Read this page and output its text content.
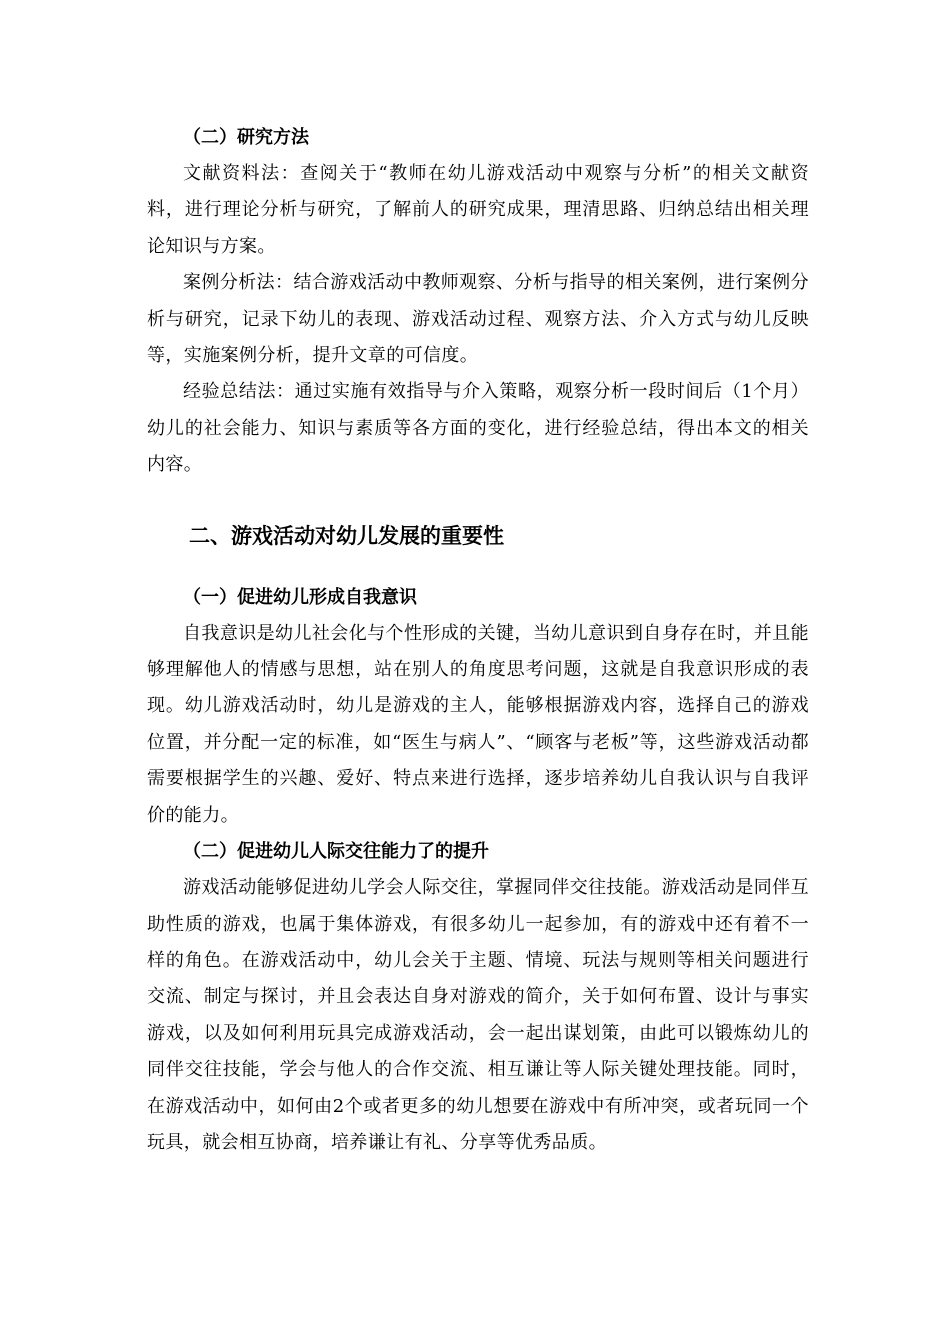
（二）研究方法

文献资料法：查阅关于“教师在幼儿游戏活动中观察与分析”的相关文献资料，进行理论分析与研究，了解前人的研究成果，理清思路、归纳总结出相关理论知识与方案。

案例分析法：结合游戏活动中教师观察、分析与指导的相关案例，进行案例分析与研究，记录下幼儿的表现、游戏活动过程、观察方法、介入方式与幼儿反映等，实施案例分析，提升文章的可信度。

经验总结法：通过实施有效指导与介入策略，观察分析一段时间后（1个月）幼儿的社会能力、知识与素质等各方面的变化，进行经验总结，得出本文的相关内容。

二、游戏活动对幼儿发展的重要性
（一）促进幼儿形成自我意识

自我意识是幼儿社会化与个性形成的关键，当幼儿意识到自身存在时，并且能够理解他人的情感与思想，站在别人的角度思考问题，这就是自我意识形成的表现。幼儿游戏活动时，幼儿是游戏的主人，能够根据游戏内容，选择自己的游戏位置，并分配一定的标准，如“医生与病人”、“顾客与老板”等，这些游戏活动都需要根据学生的兴趣、爱好、特点来进行选择，逐步培养幼儿自我认识与自我评价的能力。

（二）促进幼儿人际交往能力了的提升

游戏活动能够促进幼儿学会人际交往，掌握同伴交往技能。游戏活动是同伴互助性质的游戏，也属于集体游戏，有很多幼儿一起参加，有的游戏中还有着不一样的角色。在游戏活动中，幼儿会关于主题、情境、玩法与规则等相关问题进行交流、制定与探讨，并且会表达自身对游戏的简介，关于如何布置、设计与事实游戏，以及如何利用玩具完成游戏活动，会一起出谋划策，由此可以锻炼幼儿的同伴交往技能，学会与他人的合作交流、相互谦让等人际关键处理技能。同时，在游戏活动中，如何由2个或者更多的幼儿想要在游戏中有所冲突，或者玩同一个玩具，就会相互协商，培养谦让有礼、分享等优秀品质。
